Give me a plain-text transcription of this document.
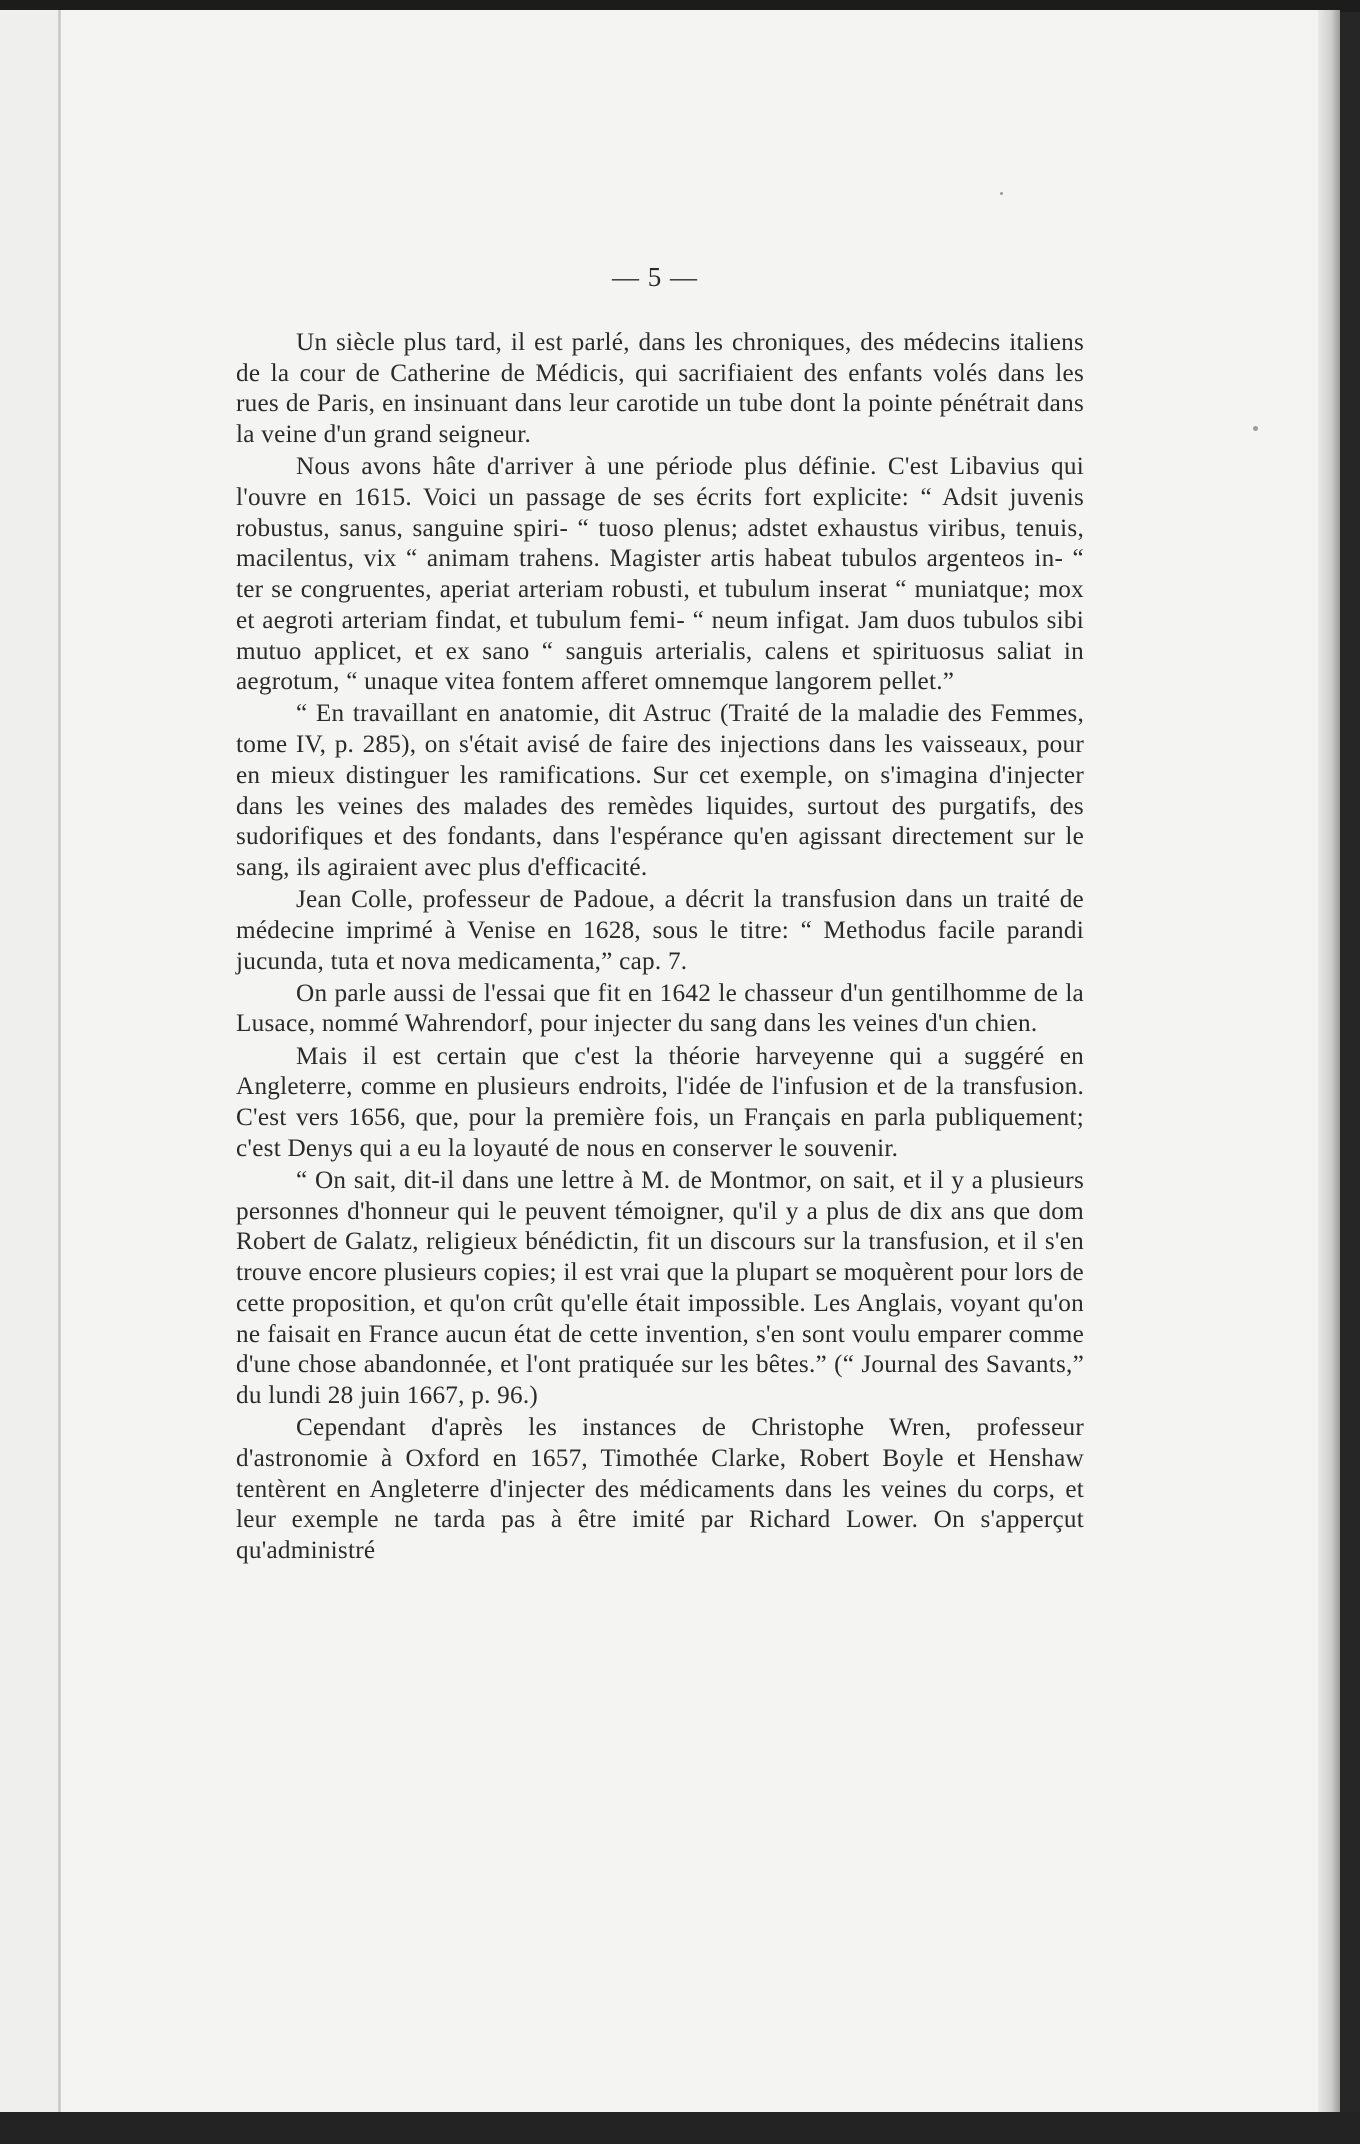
— 5 —

Un siècle plus tard, il est parlé, dans les chroniques, des médecins italiens de la cour de Catherine de Médicis, qui sacrifiaient des enfants volés dans les rues de Paris, en insinuant dans leur carotide un tube dont la pointe pénétrait dans la veine d'un grand seigneur.

Nous avons hâte d'arriver à une période plus définie. C'est Libavius qui l'ouvre en 1615. Voici un passage de ses écrits fort explicite: “ Adsit juvenis robustus, sanus, sanguine spiri- “ tuoso plenus; adstet exhaustus viribus, tenuis, macilentus, vix “ animam trahens. Magister artis habeat tubulos argenteos in- “ ter se congruentes, aperiat arteriam robusti, et tubulum inserat “ muniatque; mox et aegroti arteriam findat, et tubulum femi- “ neum infigat. Jam duos tubulos sibi mutuo applicet, et ex sano “ sanguis arterialis, calens et spirituosus saliat in aegrotum, “ unaque vitea fontem afferet omnemque langorem pellet.”

“ En travaillant en anatomie, dit Astruc (Traité de la maladie des Femmes, tome IV, p. 285), on s'était avisé de faire des injections dans les vaisseaux, pour en mieux distinguer les ramifications. Sur cet exemple, on s'imagina d'injecter dans les veines des malades des remèdes liquides, surtout des purgatifs, des sudorifiques et des fondants, dans l'espérance qu'en agissant directement sur le sang, ils agiraient avec plus d'efficacité.

Jean Colle, professeur de Padoue, a décrit la transfusion dans un traité de médecine imprimé à Venise en 1628, sous le titre: “ Methodus facile parandi jucunda, tuta et nova medicamenta,” cap. 7.

On parle aussi de l'essai que fit en 1642 le chasseur d'un gentilhomme de la Lusace, nommé Wahrendorf, pour injecter du sang dans les veines d'un chien.

Mais il est certain que c'est la théorie harveyenne qui a suggéré en Angleterre, comme en plusieurs endroits, l'idée de l'infusion et de la transfusion. C'est vers 1656, que, pour la première fois, un Français en parla publiquement; c'est Denys qui a eu la loyauté de nous en conserver le souvenir.

“ On sait, dit-il dans une lettre à M. de Montmor, on sait, et il y a plusieurs personnes d'honneur qui le peuvent témoigner, qu'il y a plus de dix ans que dom Robert de Galatz, religieux bénédictin, fit un discours sur la transfusion, et il s'en trouve encore plusieurs copies; il est vrai que la plupart se moquèrent pour lors de cette proposition, et qu'on crût qu'elle était impossible. Les Anglais, voyant qu'on ne faisait en France aucun état de cette invention, s'en sont voulu emparer comme d'une chose abandonnée, et l'ont pratiquée sur les bêtes.” (“ Journal des Savants,” du lundi 28 juin 1667, p. 96.)

Cependant d'après les instances de Christophe Wren, professeur d'astronomie à Oxford en 1657, Timothée Clarke, Robert Boyle et Henshaw tentèrent en Angleterre d'injecter des médicaments dans les veines du corps, et leur exemple ne tarda pas à être imité par Richard Lower. On s'apperçut qu'administré
